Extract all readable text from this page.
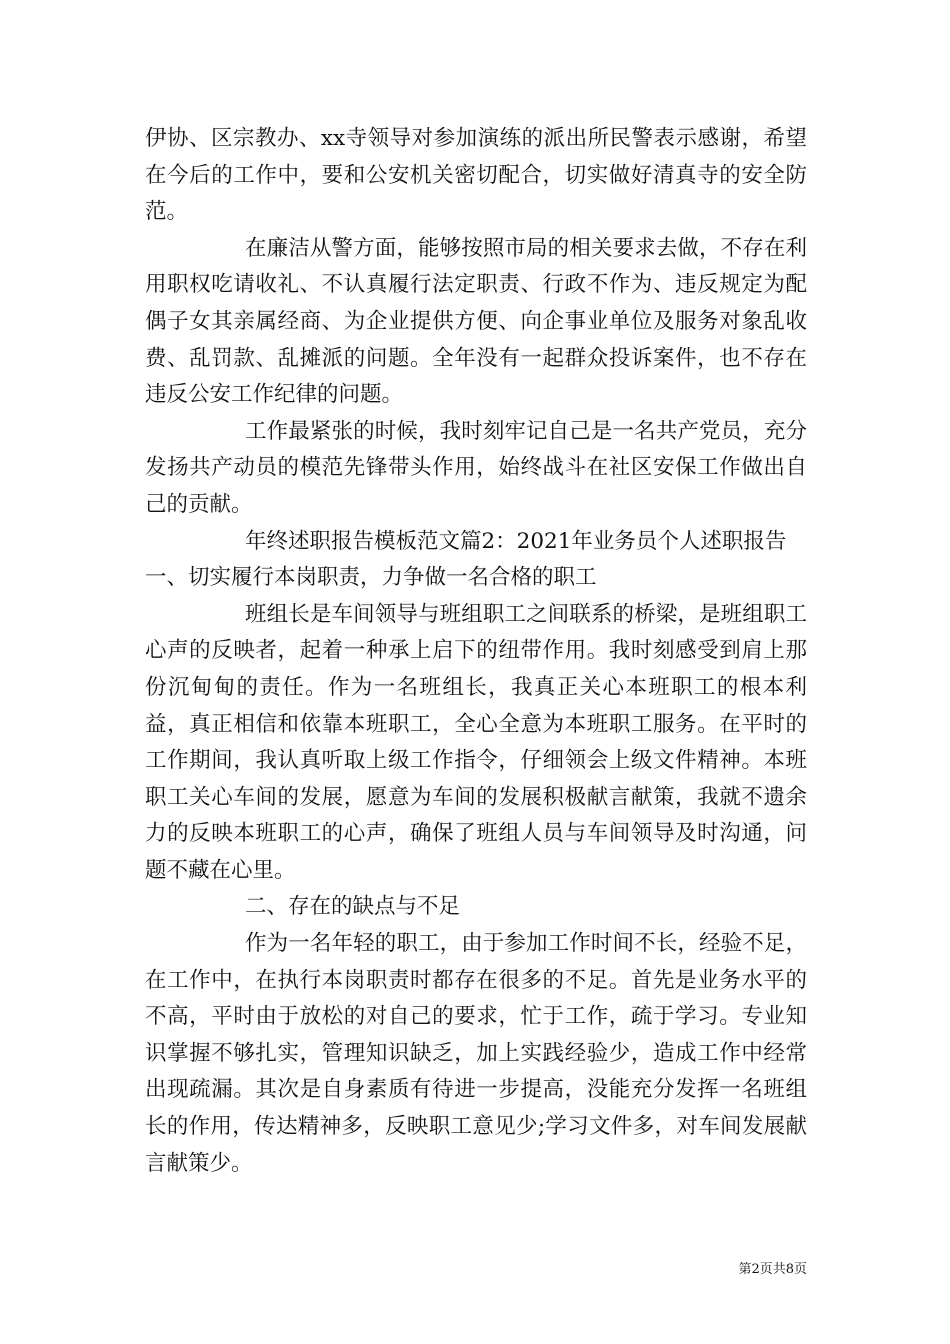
伊协、区宗教办、xx寺领导对参加演练的派出所民警表示感谢，希望在今后的工作中，要和公安机关密切配合，切实做好清真寺的安全防范。

在廉洁从警方面，能够按照市局的相关要求去做，不存在利用职权吃请收礼、不认真履行法定职责、行政不作为、违反规定为配偶子女其亲属经商、为企业提供方便、向企事业单位及服务对象乱收费、乱罚款、乱摊派的问题。全年没有一起群众投诉案件，也不存在违反公安工作纪律的问题。

工作最紧张的时候，我时刻牢记自己是一名共产党员，充分发扬共产动员的模范先锋带头作用，始终战斗在社区安保工作做出自己的贡献。

年终述职报告模板范文篇2：2021年业务员个人述职报告

一、切实履行本岗职责，力争做一名合格的职工

班组长是车间领导与班组职工之间联系的桥梁，是班组职工心声的反映者，起着一种承上启下的纽带作用。我时刻感受到肩上那份沉甸甸的责任。作为一名班组长，我真正关心本班职工的根本利益，真正相信和依靠本班职工，全心全意为本班职工服务。在平时的工作期间，我认真听取上级工作指令，仔细领会上级文件精神。本班职工关心车间的发展，愿意为车间的发展积极献言献策，我就不遗余力的反映本班职工的心声，确保了班组人员与车间领导及时沟通，问题不藏在心里。

二、存在的缺点与不足

作为一名年轻的职工，由于参加工作时间不长，经验不足，在工作中，在执行本岗职责时都存在很多的不足。首先是业务水平的不高，平时由于放松的对自己的要求，忙于工作，疏于学习。专业知识掌握不够扎实，管理知识缺乏，加上实践经验少，造成工作中经常出现疏漏。其次是自身素质有待进一步提高，没能充分发挥一名班组长的作用，传达精神多，反映职工意见少;学习文件多，对车间发展献言献策少。

第2页共8页
